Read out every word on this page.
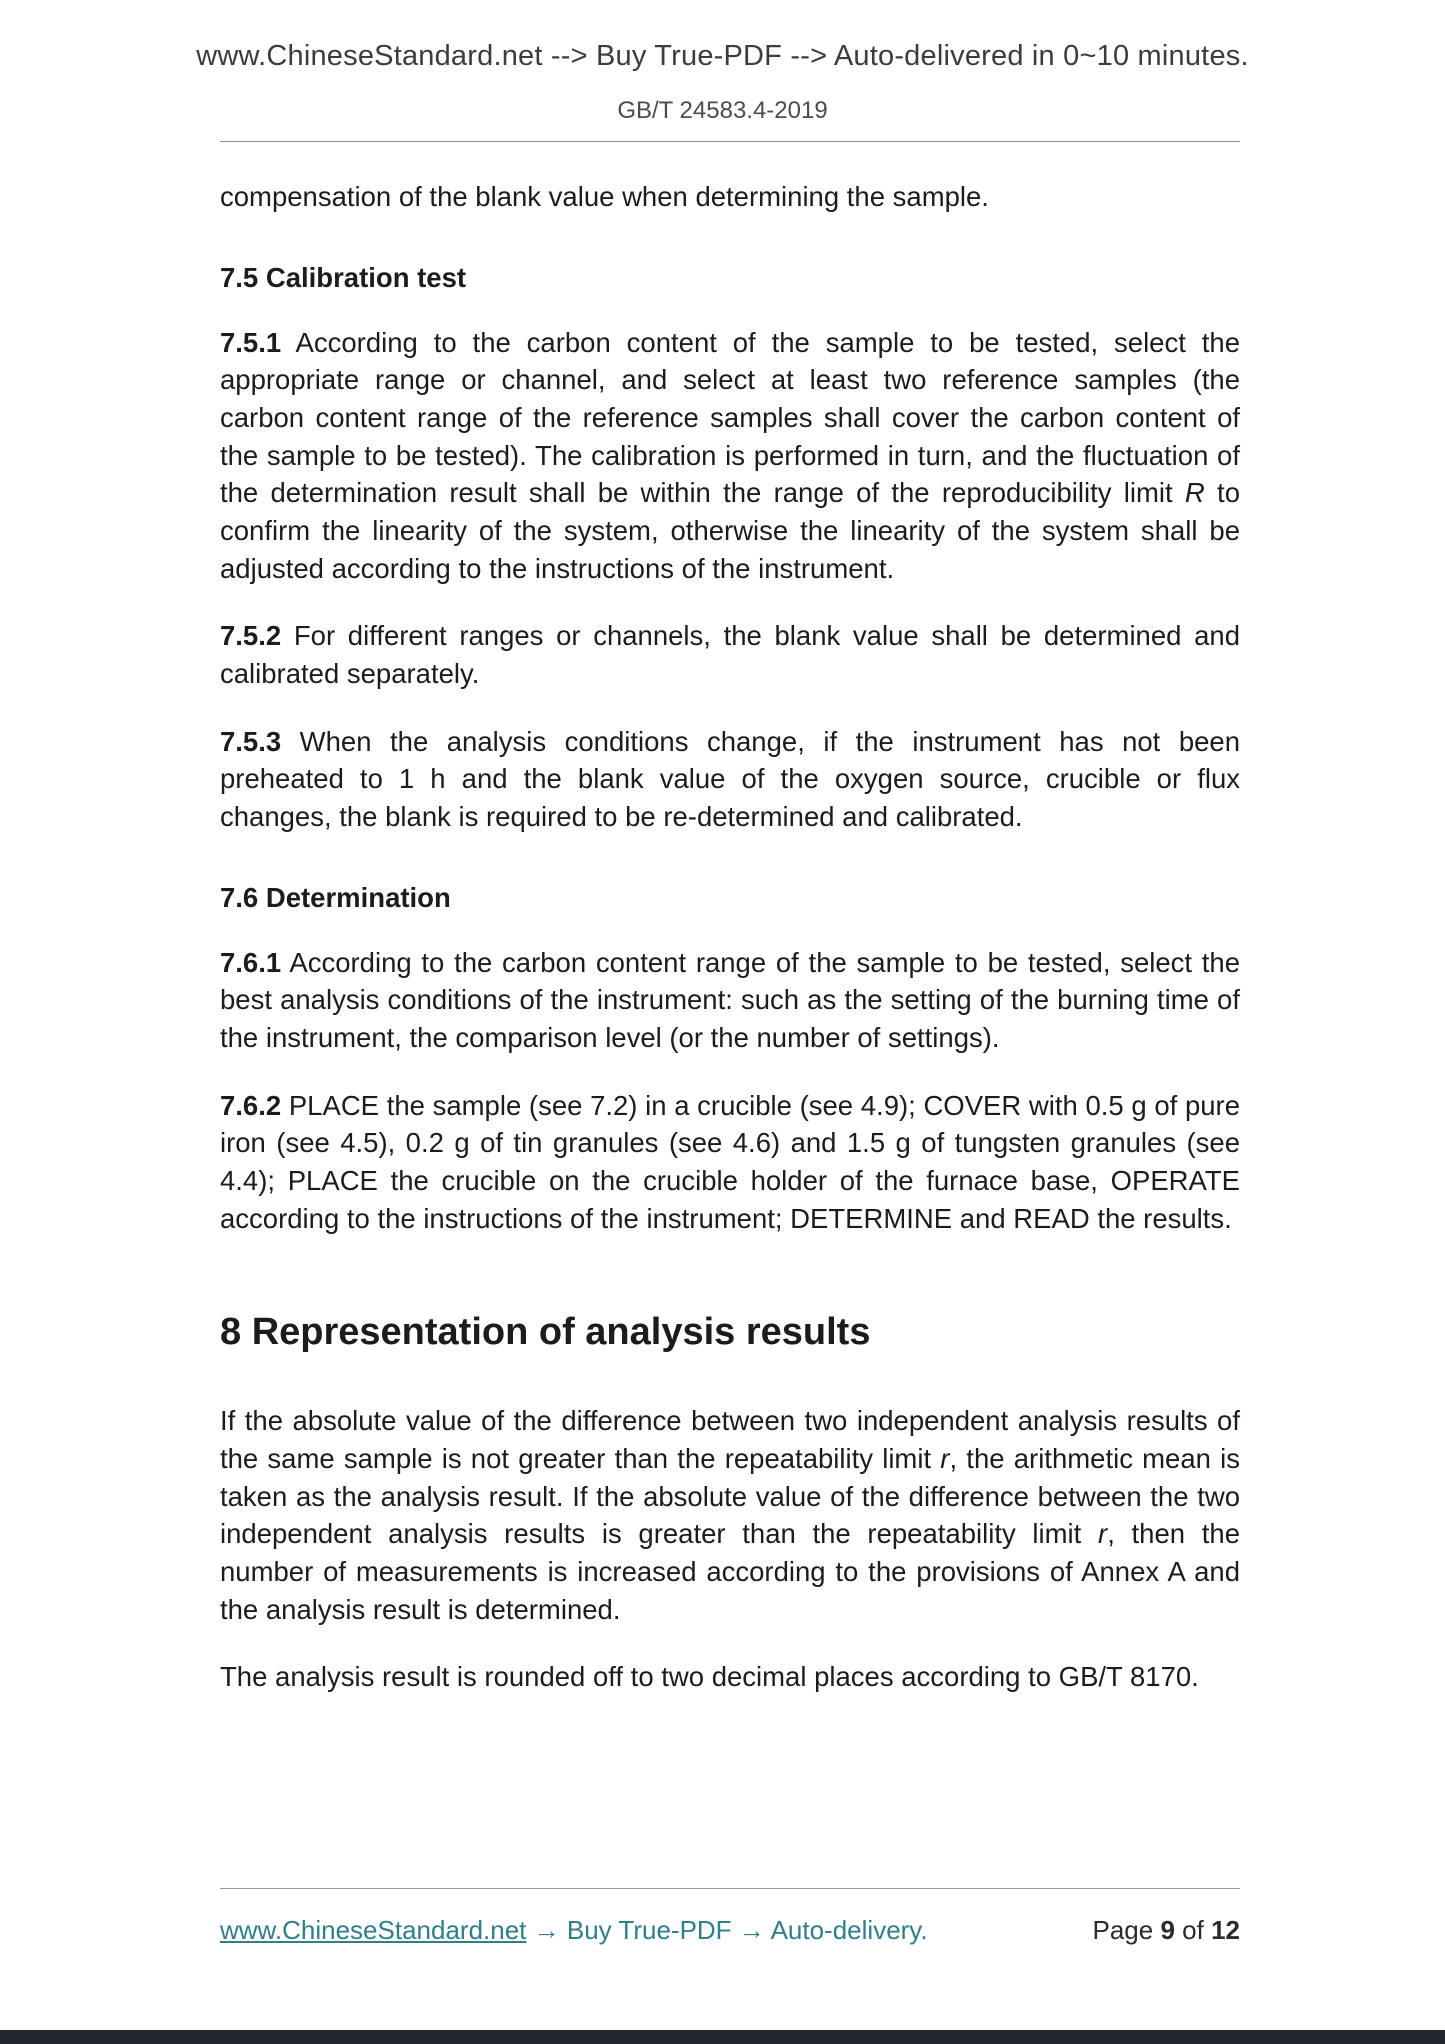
www.ChineseStandard.net --> Buy True-PDF --> Auto-delivered in 0~10 minutes.
GB/T 24583.4-2019

compensation of the blank value when determining the sample.

7.5 Calibration test

7.5.1 According to the carbon content of the sample to be tested, select the appropriate range or channel, and select at least two reference samples (the carbon content range of the reference samples shall cover the carbon content of the sample to be tested). The calibration is performed in turn, and the fluctuation of the determination result shall be within the range of the reproducibility limit R to confirm the linearity of the system, otherwise the linearity of the system shall be adjusted according to the instructions of the instrument.

7.5.2 For different ranges or channels, the blank value shall be determined and calibrated separately.

7.5.3 When the analysis conditions change, if the instrument has not been preheated to 1 h and the blank value of the oxygen source, crucible or flux changes, the blank is required to be re-determined and calibrated.

7.6 Determination

7.6.1 According to the carbon content range of the sample to be tested, select the best analysis conditions of the instrument: such as the setting of the burning time of the instrument, the comparison level (or the number of settings).

7.6.2 PLACE the sample (see 7.2) in a crucible (see 4.9); COVER with 0.5 g of pure iron (see 4.5), 0.2 g of tin granules (see 4.6) and 1.5 g of tungsten granules (see 4.4); PLACE the crucible on the crucible holder of the furnace base, OPERATE according to the instructions of the instrument; DETERMINE and READ the results.

8 Representation of analysis results

If the absolute value of the difference between two independent analysis results of the same sample is not greater than the repeatability limit r, the arithmetic mean is taken as the analysis result. If the absolute value of the difference between the two independent analysis results is greater than the repeatability limit r, then the number of measurements is increased according to the provisions of Annex A and the analysis result is determined.

The analysis result is rounded off to two decimal places according to GB/T 8170.

www.ChineseStandard.net → Buy True-PDF → Auto-delivery.	Page 9 of 12
